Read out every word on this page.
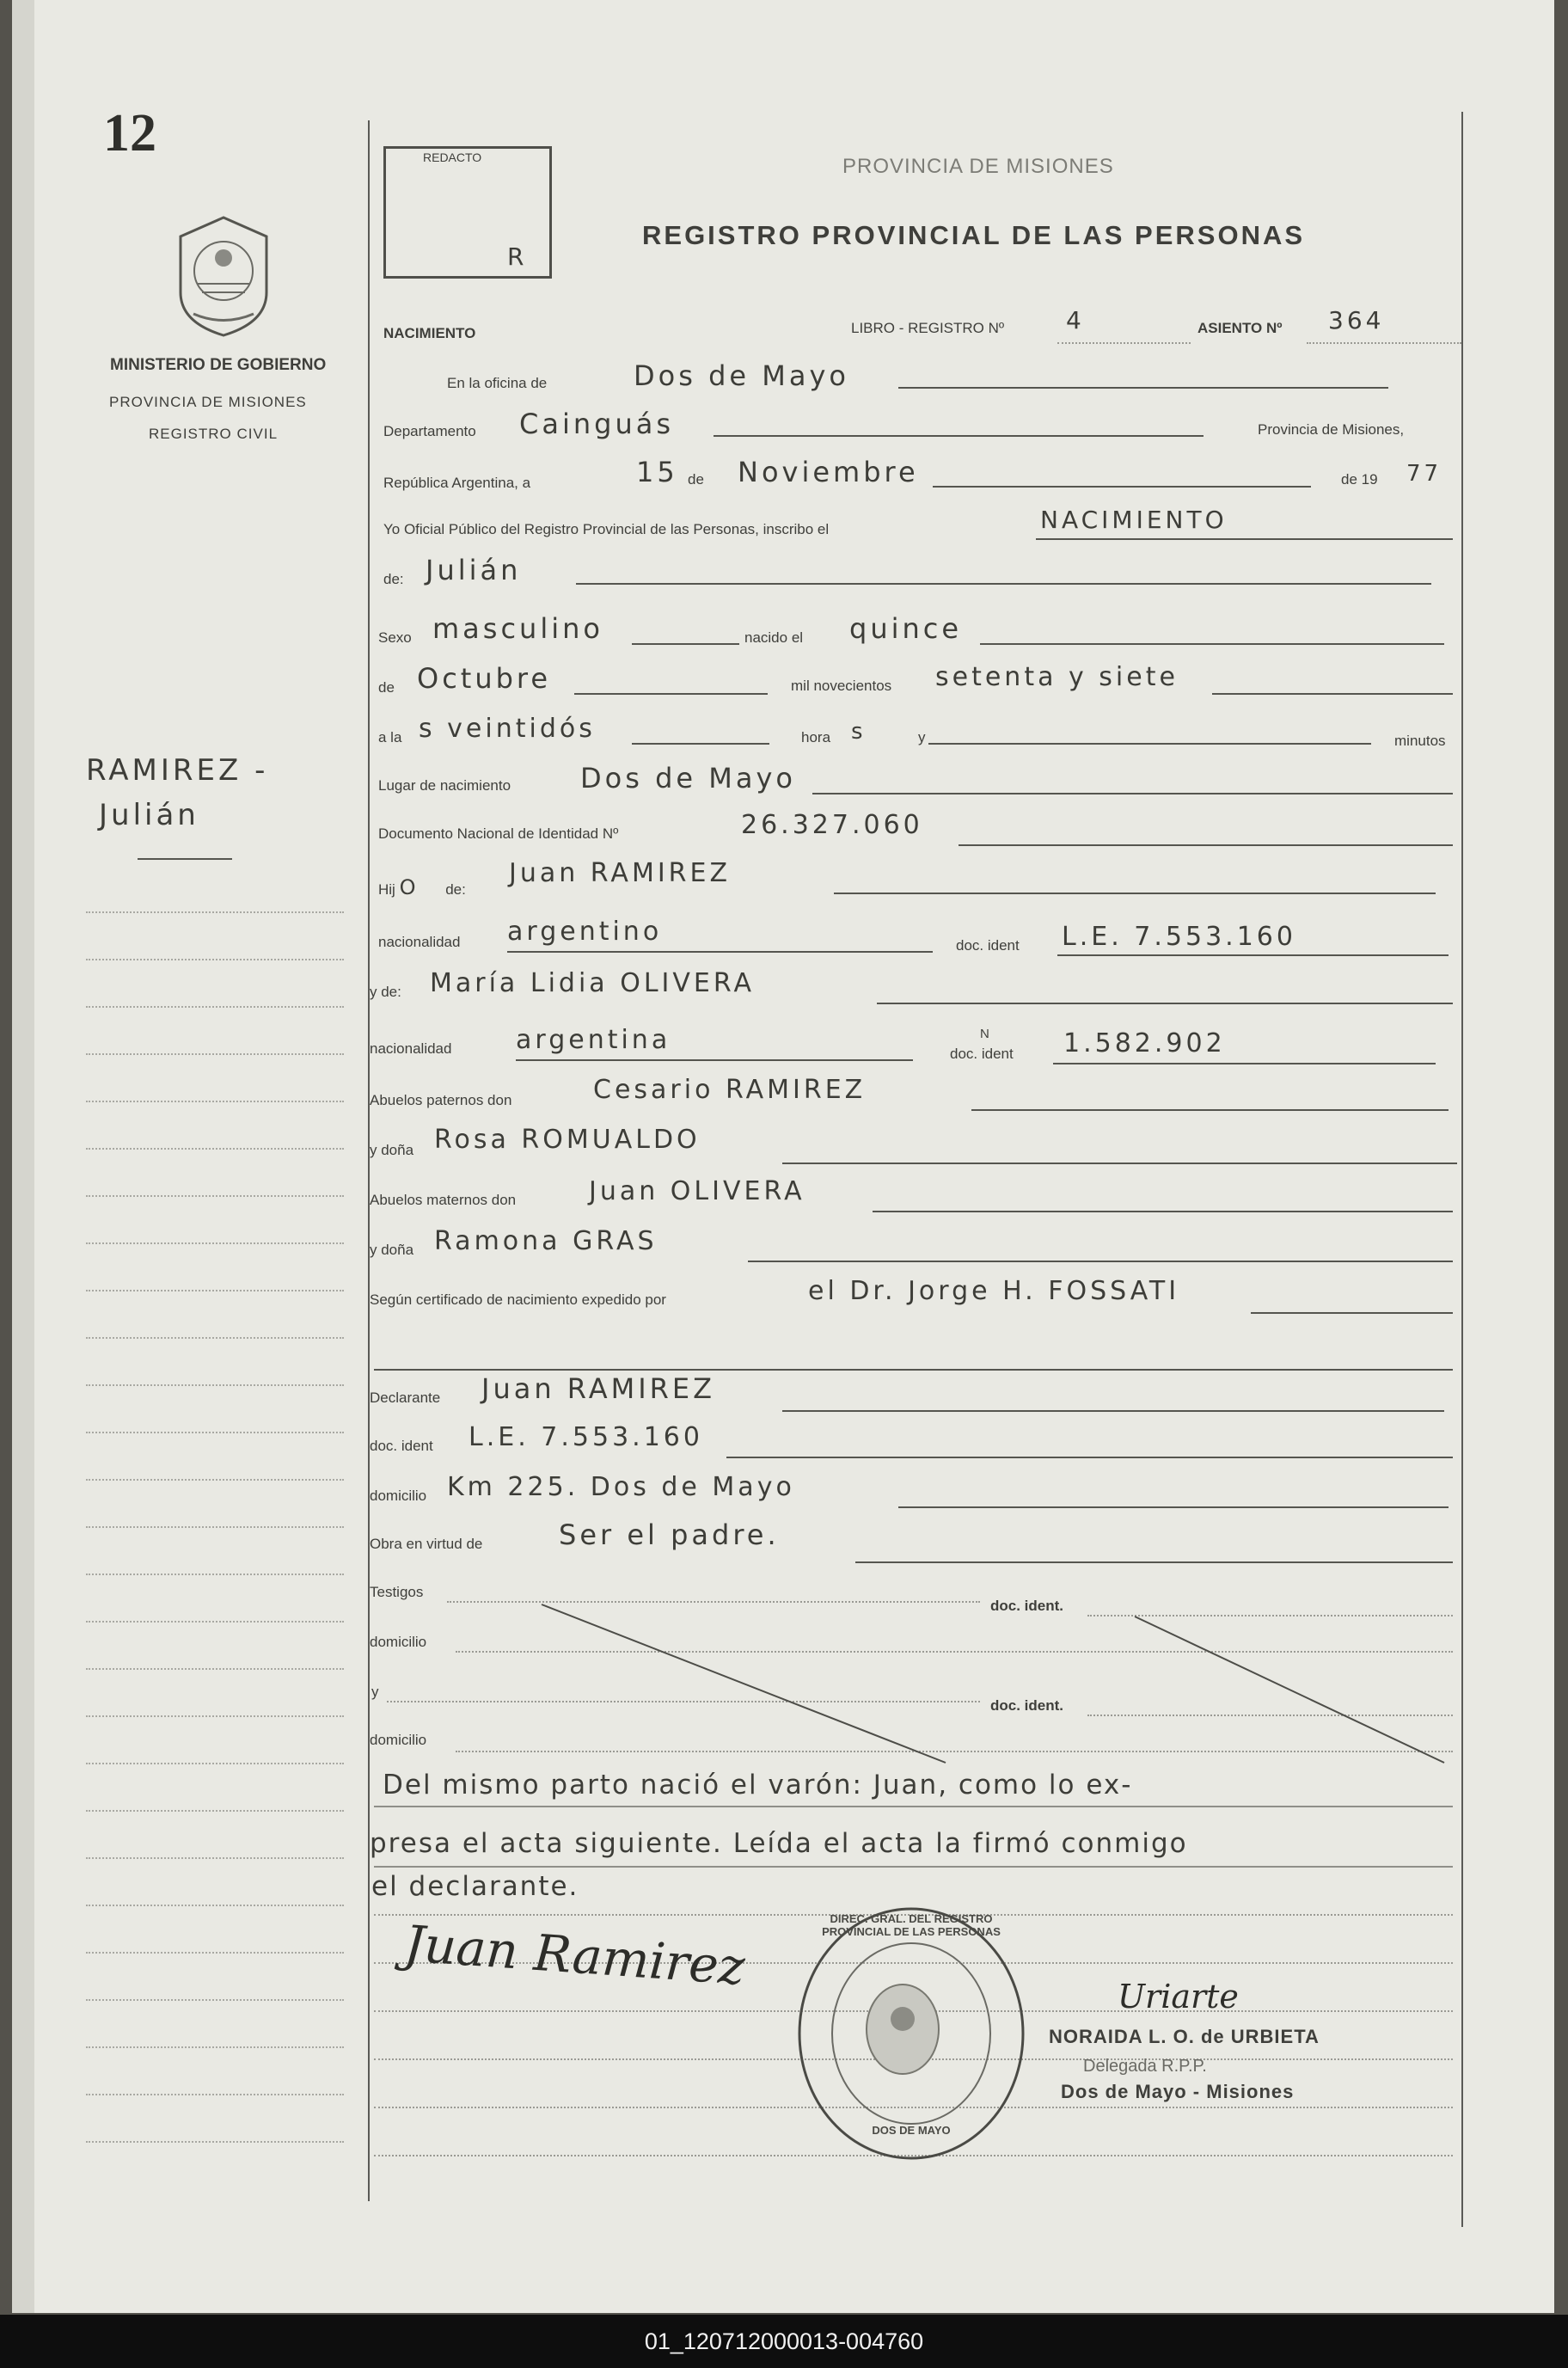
12
MINISTERIO DE GOBIERNO
PROVINCIA DE MISIONES
REGISTRO CIVIL
RAMIREZ -
Julián
REDACTO
R
PROVINCIA DE MISIONES
REGISTRO PROVINCIAL DE LAS PERSONAS
NACIMIENTO	LIBRO - REGISTRO Nº	4	ASIENTO Nº 364
En la oficina de	Dos de Mayo
Departamento Cainguás	Provincia de Misiones,
República Argentina, a	15 de Noviembre	de 19 77
Yo Oficial Público del Registro Provincial de las Personas, inscribo el	NACIMIENTO
de: Julián
Sexo masculino	nacido el quince
de Octubre	mil novecientos setenta y siete
a la s veintidós	hora s	y	minutos
Lugar de nacimiento	Dos de Mayo
Documento Nacional de Identidad Nº	26.327.060
Hij O de:
Juan RAMIREZ
nacionalidad argentino	doc. ident L.E. 7.553.160
y de: María Lidia OLIVERA
nacionalidad argentina	doc. ident
N	1.582.902
Abuelos paternos don	Cesario RAMIREZ
y doña Rosa ROMUALDO
Abuelos maternos don	Juan OLIVERA
y doña Ramona GRAS
Según certificado de nacimiento expedido por	el Dr. Jorge H. FOSSATI
Declarante Juan RAMIREZ
doc. ident L.E. 7.553.160
domicilio Km 225. Dos de Mayo
Obra en virtud de	Ser el padre.
Testigos
doc. ident.
domicilio
y
doc. ident.
domicilio
Del mismo parto nació el varón: Juan, como lo ex-
presa el acta siguiente. Leída el acta la firmó conmigo
el declarante.
Juan Ramirez	DIREC. GRAL. DEL REGISTRO PROVINCIAL DE LAS PERSONAS
DOS DE MAYO
Uriarte
NORAIDA L. O. de URBIETA
Delegada R.P.P.
Dos de Mayo - Misiones
01_120712000013-004760
